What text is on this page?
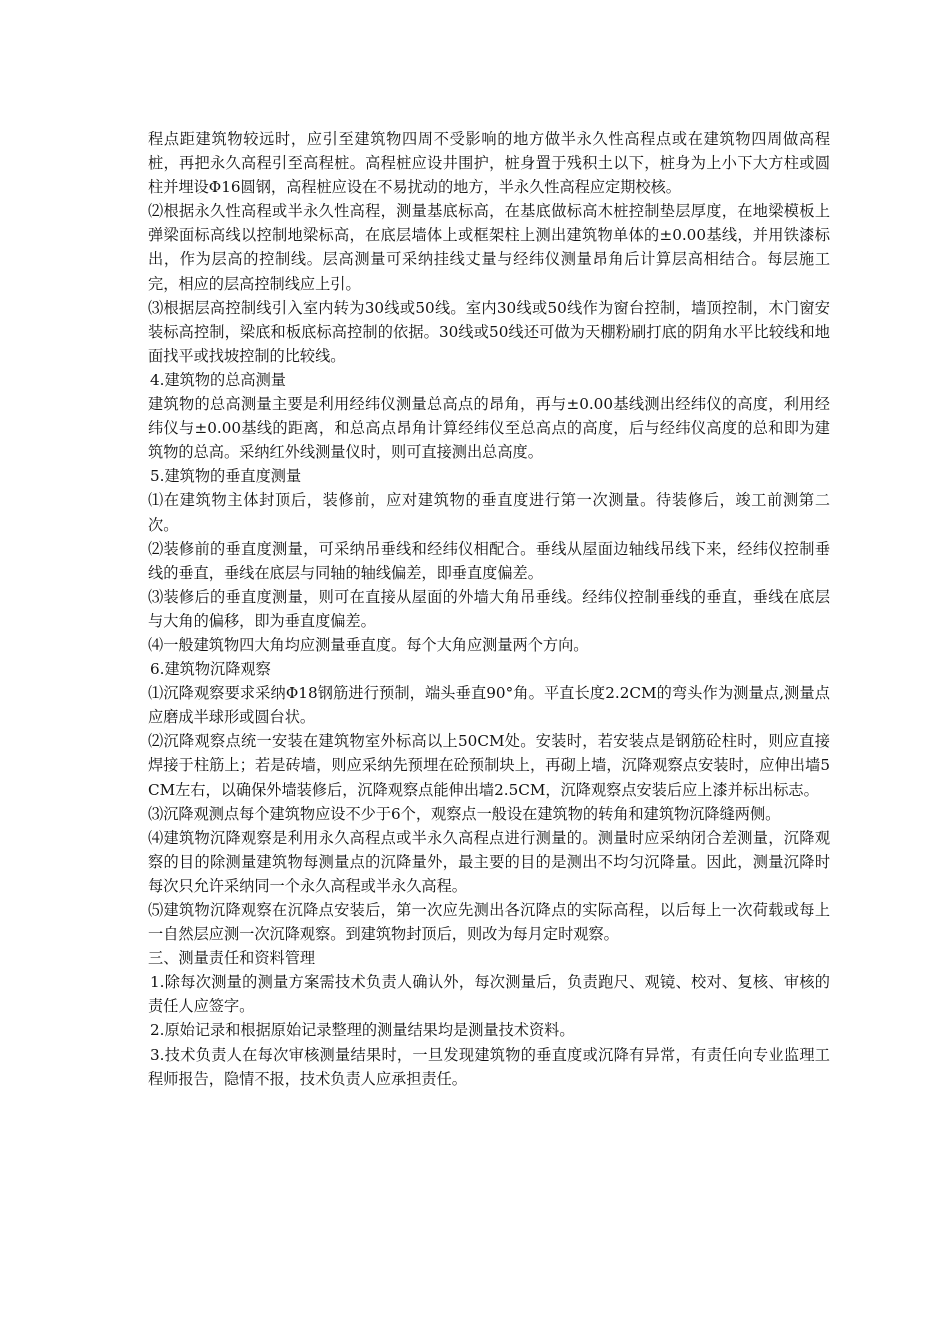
程点距建筑物较远时，应引至建筑物四周不受影响的地方做半永久性高程点或在建筑物四周做高程桩，再把永久高程引至高程桩。高程桩应设井围护，桩身置于残积土以下，桩身为上小下大方柱或圆柱并埋设Φ16圆钢，高程桩应设在不易扰动的地方，半永久性高程应定期校核。

⑵根据永久性高程或半永久性高程，测量基底标高，在基底做标高木桩控制垫层厚度，在地梁模板上弹梁面标高线以控制地梁标高，在底层墙体上或框架柱上测出建筑物单体的±0.00基线，并用铁漆标出，作为层高的控制线。层高测量可采纳挂线丈量与经纬仪测量昂角后计算层高相结合。每层施工完，相应的层高控制线应上引。

⑶根据层高控制线引入室内转为30线或50线。室内30线或50线作为窗台控制，墙顶控制，木门窗安装标高控制，梁底和板底标高控制的依据。30线或50线还可做为天棚粉刷打底的阴角水平比较线和地面找平或找坡控制的比较线。

4.建筑物的总高测量

建筑物的总高测量主要是利用经纬仪测量总高点的昂角，再与±0.00基线测出经纬仪的高度，利用经纬仪与±0.00基线的距离，和总高点昂角计算经纬仪至总高点的高度，后与经纬仪高度的总和即为建筑物的总高。采纳红外线测量仪时，则可直接测出总高度。

5.建筑物的垂直度测量

⑴在建筑物主体封顶后，装修前，应对建筑物的垂直度进行第一次测量。待装修后，竣工前测第二次。

⑵装修前的垂直度测量，可采纳吊垂线和经纬仪相配合。垂线从屋面边轴线吊线下来，经纬仪控制垂线的垂直，垂线在底层与同轴的轴线偏差，即垂直度偏差。

⑶装修后的垂直度测量，则可在直接从屋面的外墙大角吊垂线。经纬仪控制垂线的垂直，垂线在底层与大角的偏移，即为垂直度偏差。

⑷一般建筑物四大角均应测量垂直度。每个大角应测量两个方向。

6.建筑物沉降观察

⑴沉降观察要求采纳Φ18钢筋进行预制，端头垂直90°角。平直长度2.2CM的弯头作为测量点,测量点应磨成半球形或圆台状。

⑵沉降观察点统一安装在建筑物室外标高以上50CM处。安装时，若安装点是钢筋砼柱时，则应直接焊接于柱筋上；若是砖墙，则应采纳先预埋在砼预制块上，再砌上墙，沉降观察点安装时，应伸出墙5CM左右，以确保外墙装修后，沉降观察点能伸出墙2.5CM，沉降观察点安装后应上漆并标出标志。

⑶沉降观测点每个建筑物应设不少于6个，观察点一般设在建筑物的转角和建筑物沉降缝两侧。

⑷建筑物沉降观察是利用永久高程点或半永久高程点进行测量的。测量时应采纳闭合差测量，沉降观察的目的除测量建筑物每测量点的沉降量外，最主要的目的是测出不均匀沉降量。因此，测量沉降时每次只允许采纳同一个永久高程或半永久高程。

⑸建筑物沉降观察在沉降点安装后，第一次应先测出各沉降点的实际高程，以后每上一次荷载或每上一自然层应测一次沉降观察。到建筑物封顶后，则改为每月定时观察。

三、测量责任和资料管理

1.除每次测量的测量方案需技术负责人确认外，每次测量后，负责跑尺、观镜、校对、复核、审核的责任人应签字。

2.原始记录和根据原始记录整理的测量结果均是测量技术资料。

3.技术负责人在每次审核测量结果时，一旦发现建筑物的垂直度或沉降有异常，有责任向专业监理工程师报告，隐情不报，技术负责人应承担责任。
